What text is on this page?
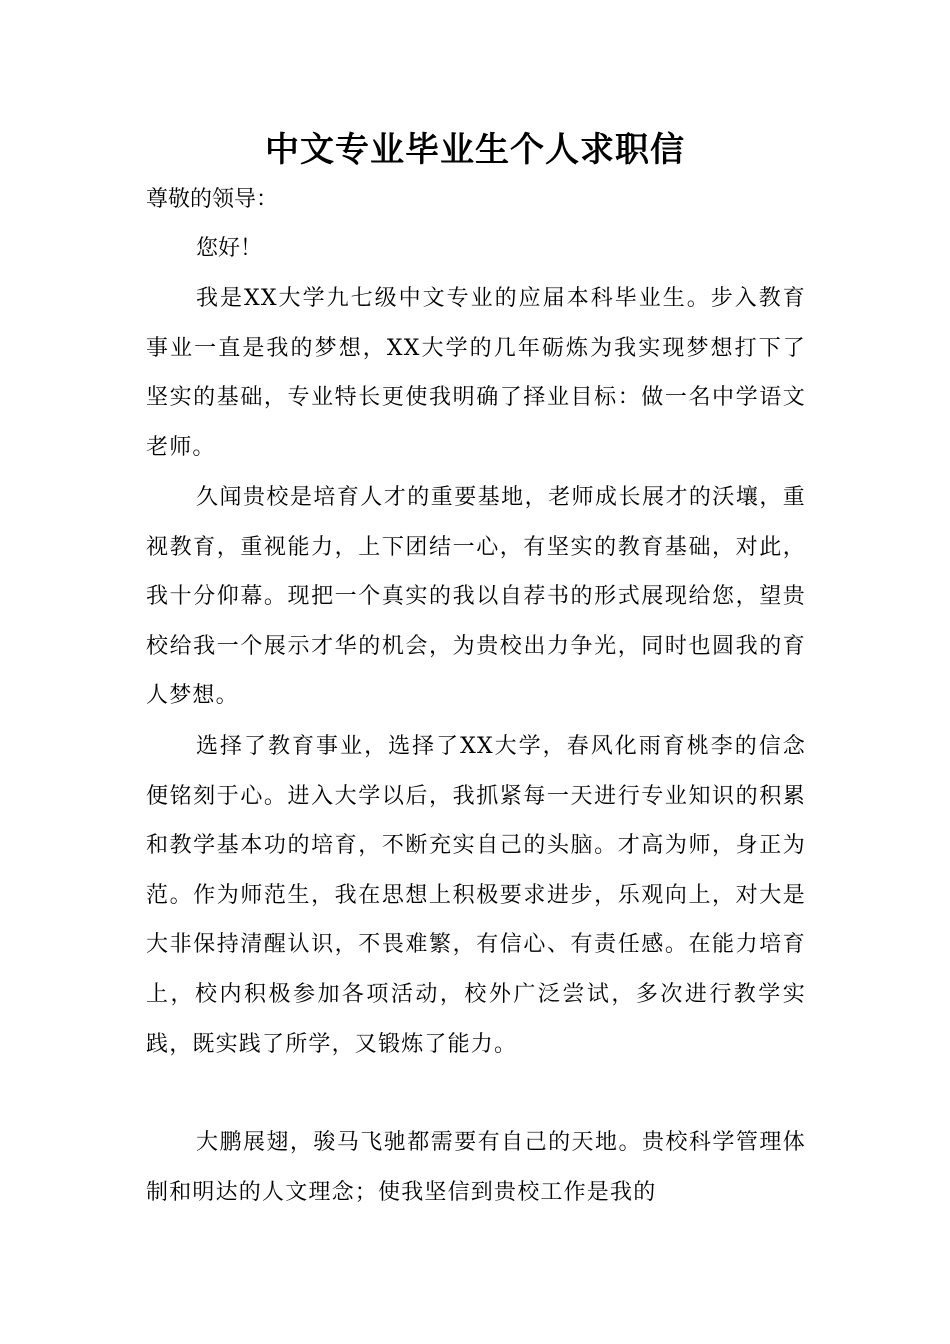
中文专业毕业生个人求职信

尊敬的领导：

您好！

我是XX大学九七级中文专业的应届本科毕业生。步入教育事业一直是我的梦想，XX大学的几年砺炼为我实现梦想打下了坚实的基础，专业特长更使我明确了择业目标：做一名中学语文老师。

久闻贵校是培育人才的重要基地，老师成长展才的沃壤，重视教育，重视能力，上下团结一心，有坚实的教育基础，对此，我十分仰幕。现把一个真实的我以自荐书的形式展现给您，望贵校给我一个展示才华的机会，为贵校出力争光，同时也圆我的育人梦想。

选择了教育事业，选择了XX大学，春风化雨育桃李的信念便铭刻于心。进入大学以后，我抓紧每一天进行专业知识的积累和教学基本功的培育，不断充实自己的头脑。才高为师，身正为范。作为师范生，我在思想上积极要求进步，乐观向上，对大是大非保持清醒认识，不畏难繁，有信心、有责任感。在能力培育上，校内积极参加各项活动，校外广泛尝试，多次进行教学实践，既实践了所学，又锻炼了能力。

大鹏展翅，骏马飞驰都需要有自己的天地。贵校科学管理体制和明达的人文理念；使我坚信到贵校工作是我的
